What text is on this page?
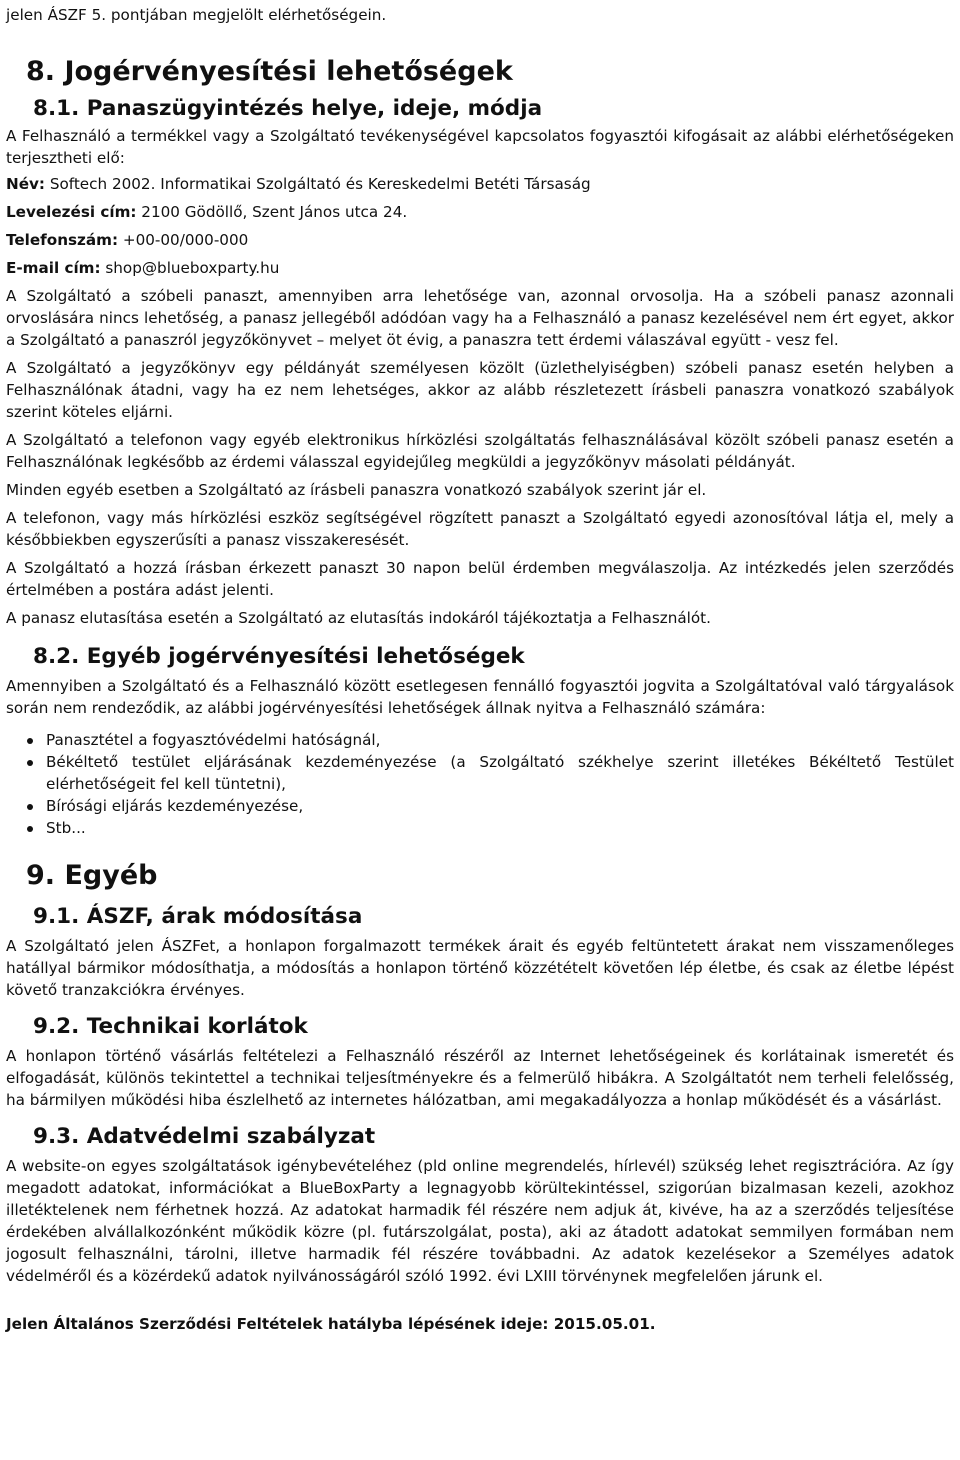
jelen ÁSZF 5. pontjában megjelölt elérhetőségein.

8. Jogérvényesítési lehetőségek
8.1. Panaszügyintézés helye, ideje, módja

A Felhasználó a termékkel vagy a Szolgáltató tevékenységével kapcsolatos fogyasztói kifogásait az alábbi elérhetőségeken terjesztheti elő:

Név: Softech 2002. Informatikai Szolgáltató és Kereskedelmi Betéti Társaság
Levelezési cím: 2100 Gödöllő, Szent János utca 24.
Telefonszám: +00-00/000-000
E-mail cím: shop@blueboxparty.hu

A Szolgáltató a szóbeli panaszt, amennyiben arra lehetősége van, azonnal orvosolja. Ha a szóbeli panasz azonnali orvoslására nincs lehetőség, a panasz jellegéből adódóan vagy ha a Felhasználó a panasz kezelésével nem ért egyet, akkor a Szolgáltató a panaszról jegyzőkönyvet – melyet öt évig, a panaszra tett érdemi válaszával együtt - vesz fel.

A Szolgáltató a jegyzőkönyv egy példányát személyesen közölt (üzlethelyiségben) szóbeli panasz esetén helyben a Felhasználónak átadni, vagy ha ez nem lehetséges, akkor az alább részletezett írásbeli panaszra vonatkozó szabályok szerint köteles eljárni.

A Szolgáltató a telefonon vagy egyéb elektronikus hírközlési szolgáltatás felhasználásával közölt szóbeli panasz esetén a Felhasználónak legkésőbb az érdemi válasszal egyidejűleg megküldi a jegyzőkönyv másolati példányát.

Minden egyéb esetben a Szolgáltató az írásbeli panaszra vonatkozó szabályok szerint jár el.

A telefonon, vagy más hírközlési eszköz segítségével rögzített panaszt a Szolgáltató egyedi azonosítóval látja el, mely a későbbiekben egyszerűsíti a panasz visszakeresését.

A Szolgáltató a hozzá írásban érkezett panaszt 30 napon belül érdemben megválaszolja. Az intézkedés jelen szerződés értelmében a postára adást jelenti.

A panasz elutasítása esetén a Szolgáltató az elutasítás indokáról tájékoztatja a Felhasználót.

8.2. Egyéb jogérvényesítési lehetőségek

Amennyiben a Szolgáltató és a Felhasználó között esetlegesen fennálló fogyasztói jogvita a Szolgáltatóval való tárgyalások során nem rendeződik, az alábbi jogérvényesítési lehetőségek állnak nyitva a Felhasználó számára:

Panasztétel a fogyasztóvédelmi hatóságnál,
Békéltető testület eljárásának kezdeményezése (a Szolgáltató székhelye szerint illetékes Békéltető Testület elérhetőségeit fel kell tüntetni),
Bírósági eljárás kezdeményezése,
Stb...
9. Egyéb
9.1. ÁSZF, árak módosítása

A Szolgáltató jelen ÁSZFet, a honlapon forgalmazott termékek árait és egyéb feltüntetett árakat nem visszamenőleges hatállyal bármikor módosíthatja, a módosítás a honlapon történő közzétételt követően lép életbe, és csak az életbe lépést követő tranzakciókra érvényes.

9.2. Technikai korlátok

A honlapon történő vásárlás feltételezi a Felhasználó részéről az Internet lehetőségeinek és korlátainak ismeretét és elfogadását, különös tekintettel a technikai teljesítményekre és a felmerülő hibákra. A Szolgáltatót nem terheli felelősség, ha bármilyen működési hiba észlelhető az internetes hálózatban, ami megakadályozza a honlap működését és a vásárlást.

9.3. Adatvédelmi szabályzat

A website-on egyes szolgáltatások igénybevételéhez (pld online megrendelés, hírlevél) szükség lehet regisztrációra. Az így megadott adatokat, információkat a BlueBoxParty a legnagyobb körültekintéssel, szigorúan bizalmasan kezeli, azokhoz illetéktelenek nem férhetnek hozzá. Az adatokat harmadik fél részére nem adjuk át, kivéve, ha az a szerződés teljesítése érdekében alvállalkozónként működik közre (pl. futárszolgálat, posta), aki az átadott adatokat semmilyen formában nem jogosult felhasználni, tárolni, illetve harmadik fél részére továbbadni. Az adatok kezelésekor a Személyes adatok védelméről és a közérdekű adatok nyilvánosságáról szóló 1992. évi LXIII törvénynek megfelelően járunk el.

Jelen Általános Szerződési Feltételek hatályba lépésének ideje: 2015.05.01.
